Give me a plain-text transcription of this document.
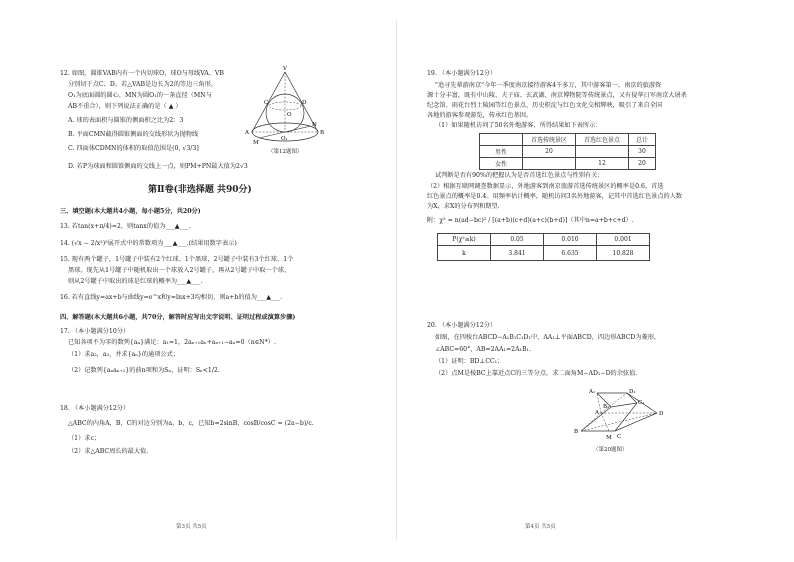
12. 如图，圆锥VAB内有一个内切球O，球O与母线VA、VB
分别切于点C、D。若△VAB是边长为2的等边三角形，
O₁为底面圆的圆心，MN为圆O₁的一条直径（MN与
AB不重合），则下列说法正确的是（ ▲ ）
A. 球的表面积与圆锥的侧面积之比为2：3
B. 平面CMN截得圆锥侧面的交线形状为抛物线
C. 四面体CDMN的体积的取值范围是(0, √3/3]
D. 若P为球面和圆锥侧面的交线上一点，则PM+PN最大值为2√3
V
C	D
O
A	B
M
N
O₁
（第12题图）
第Ⅱ卷(非选择题 共90分)
三、填空题(本大题共4小题，每小题5分，共20分)
13. 若tan(x+π/4)=2，则tanx的值为___▲___.
14. (√x − 2/x²)⁵展开式中的常数项为___▲___.(结果用数字表示)
15. 现有两个罐子，1号罐子中装有2个红球、1个黑球，2号罐子中装有3个红球、1个
黑球。现先从1号罐子中随机取出一个球放入2号罐子，再从2号罐子中取一个球，
则从2号罐子中取出的球是红球的概率为___▲___.
16. 若有直线y=ax+b与曲线y=e^x和y=lnx+3均相切，则a+b的值为___▲___.
四、解答题(本大题共6小题，共70分，解答时应写出文字说明、证明过程或演算步骤)
17. （本小题满分10分）
已知各项不为零的数列{aₙ}满足：a₁=1，2aₙ₊₁aₙ+aₙ₊₁−aₙ=0（n∈N*）.
（1）求a₂，a₃，并求{aₙ}的通项公式；
（2）记数列{aₙaₙ₊₁}的前n项和为Sₙ，证明：Sₙ<1/2.
18. （本小题满分12分）
△ABC的内角A，B，C的对边分别为a，b，c，已知b=2sinB，cosB/cosC = (2a−b)/c.
（1）求c；
（2）求△ABC周长的最大值.
第3页 共5页
19. （本小题满分12分）
"追寻先辈游南京"今年一季度南京接待游客4千多万，其中游客第一、南京的旅游资
源十分丰富，既有中山陵、夫子庙、玄武湖、南京博物院等传统景点，又有侵华日军南京大屠杀
纪念馆、雨花台烈士陵园等红色景点，历史积淀与红色文化交相辉映，吸引了来自全国
各地的游客参观游览，传承红色基因。
（1）如果随机访问了50名外地游客，所得结果如下表所示：
	首选传统景区	首选红色景点	总计
男性	20		30
女性		12	20
试判断是否有90%的把握认为是否首选红色景点与性别有关；
（2）根据互联网调查数据显示，外地游客到南京旅游首选传统景区的概率是0.6，首选
红色景点的概率是0.4。用频率估计概率，随机访问3名外地游客，记其中首选红色景点的人数
为X，求X的分布列和期望.
附：χ² = n(ad−bc)² / [(a+b)(c+d)(a+c)(b+d)]（其中n=a+b+c+d）.
P(χ²≥k)	0.05	0.010	0.001
k	3.841	6.635	10.828
20. （本小题满分12分）
如图，在四棱台ABCD−A₁B₁C₁D₁中，AA₁⊥平面ABCD，四边形ABCD为菱形，
∠ABC=60°，AB=2AA₁=2A₁B₁.
（1）证明：BD⊥CC₁；
（2）点M是棱BC上靠近点C的三等分点，求二面角M−AD₁−D的余弦值.
A₁	D₁
B₁
C₁
A
B
C
D
M
（第20题图）
第4页 共5页
